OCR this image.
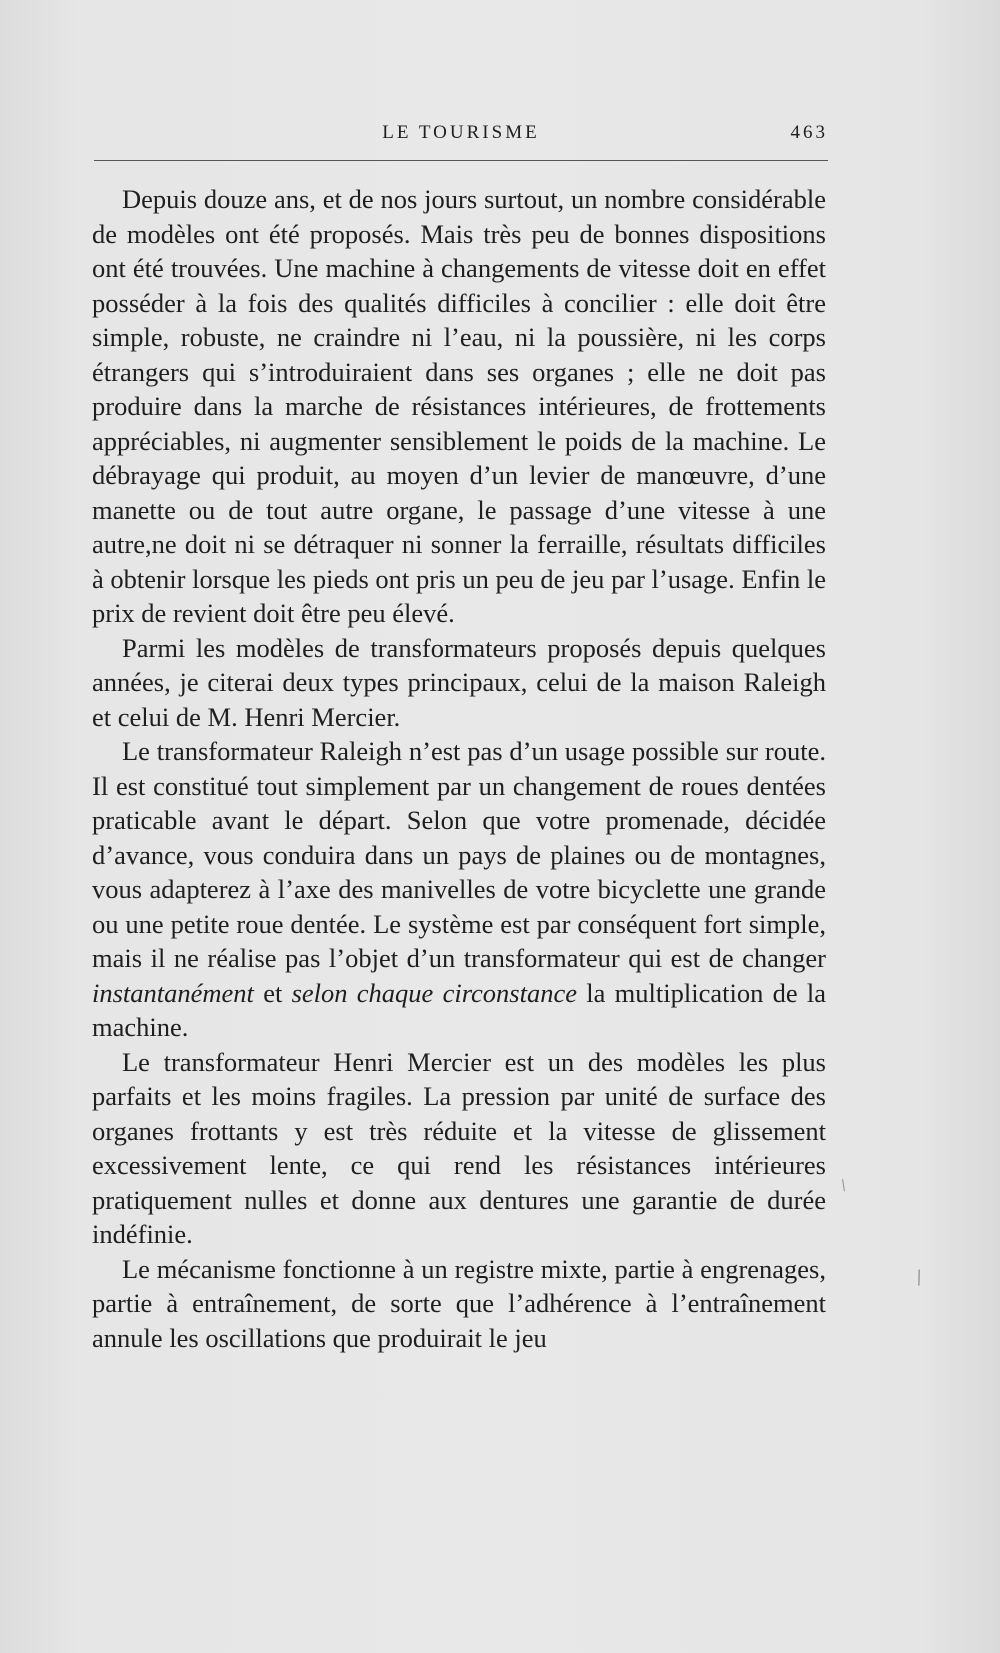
LE TOURISME	463

Depuis douze ans, et de nos jours surtout, un nombre considérable de modèles ont été proposés. Mais très peu de bonnes dispositions ont été trouvées. Une machine à changements de vitesse doit en effet posséder à la fois des qualités difficiles à concilier : elle doit être simple, robuste, ne craindre ni l’eau, ni la poussière, ni les corps étrangers qui s’introduiraient dans ses organes ; elle ne doit pas produire dans la marche de résistances intérieures, de frottements appréciables, ni augmenter sensiblement le poids de la machine. Le débrayage qui produit, au moyen d’un levier de manœuvre, d’une manette ou de tout autre organe, le passage d’une vitesse à une autre,ne doit ni se détraquer ni sonner la ferraille, résultats difficiles à obtenir lorsque les pieds ont pris un peu de jeu par l’usage. Enfin le prix de revient doit être peu élevé.

Parmi les modèles de transformateurs proposés depuis quelques années, je citerai deux types principaux, celui de la maison Raleigh et celui de M. Henri Mercier.

Le transformateur Raleigh n’est pas d’un usage possible sur route. Il est constitué tout simplement par un changement de roues dentées praticable avant le départ. Selon que votre promenade, décidée d’avance, vous conduira dans un pays de plaines ou de montagnes, vous adapterez à l’axe des manivelles de votre bicyclette une grande ou une petite roue dentée. Le système est par conséquent fort simple, mais il ne réalise pas l’objet d’un transformateur qui est de changer instantanément et selon chaque circonstance la multiplication de la machine.

Le transformateur Henri Mercier est un des modèles les plus parfaits et les moins fragiles. La pression par unité de surface des organes frottants y est très réduite et la vitesse de glissement excessivement lente, ce qui rend les résistances intérieures pratiquement nulles et donne aux dentures une garantie de durée indéfinie.

Le mécanisme fonctionne à un registre mixte, partie à engrenages, partie à entraînement, de sorte que l’adhérence à l’entraînement annule les oscillations que produirait le jeu

⁄
⁄
